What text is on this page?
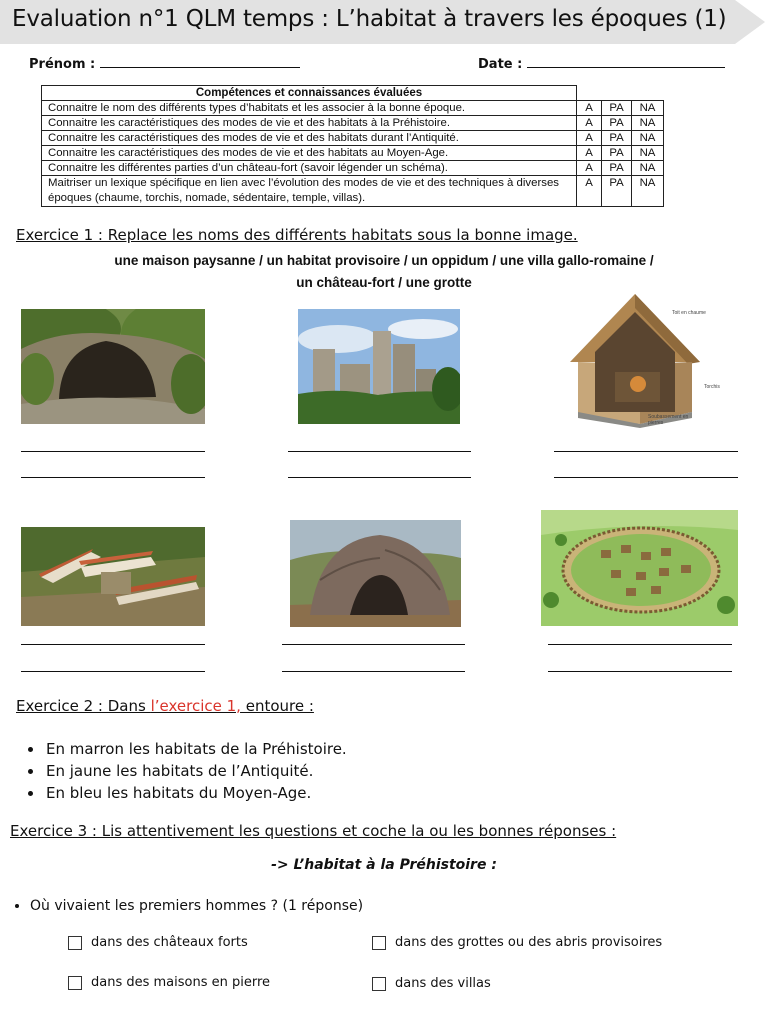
Evaluation n°1 QLM temps : L’habitat à travers les époques (1)
Prénom :	Date :
Compétences et connaissances évaluées			
Connaitre le nom des différents types d’habitats et les associer à la bonne époque.	A	PA	NA
Connaitre les caractéristiques des modes de vie et des habitats à la Préhistoire.	A	PA	NA
Connaitre les caractéristiques des modes de vie et des habitats durant l’Antiquité.	A	PA	NA
Connaitre les caractéristiques des modes de vie et des habitats au Moyen-Age.	A	PA	NA
Connaitre les différentes parties d’un château-fort (savoir légender un schéma).	A	PA	NA
Maitriser un lexique spécifique en lien avec l’évolution des modes de vie et des techniques à diverses époques (chaume, torchis, nomade, sédentaire, temple, villas).	A	PA	NA
Exercice 1 : Replace les noms des différents habitats sous la bonne image.
une maison paysanne / un habitat provisoire / un oppidum / une villa gallo-romaine /
un château-fort / une grotte
Toit en chaume
Torchis
Soubassement en pierres
Exercice 2 : Dans l’exercice 1, entoure :
• En marron les habitats de la Préhistoire.
• En jaune les habitats de l’Antiquité.
• En bleu les habitats du Moyen-Age.
Exercice 3 : Lis attentivement les questions et coche la ou les bonnes réponses :
-> L’habitat à la Préhistoire :
• Où vivaient les premiers hommes ? (1 réponse)
dans des châteaux forts	dans des grottes ou des abris provisoires
dans des maisons en pierre	dans des villas
